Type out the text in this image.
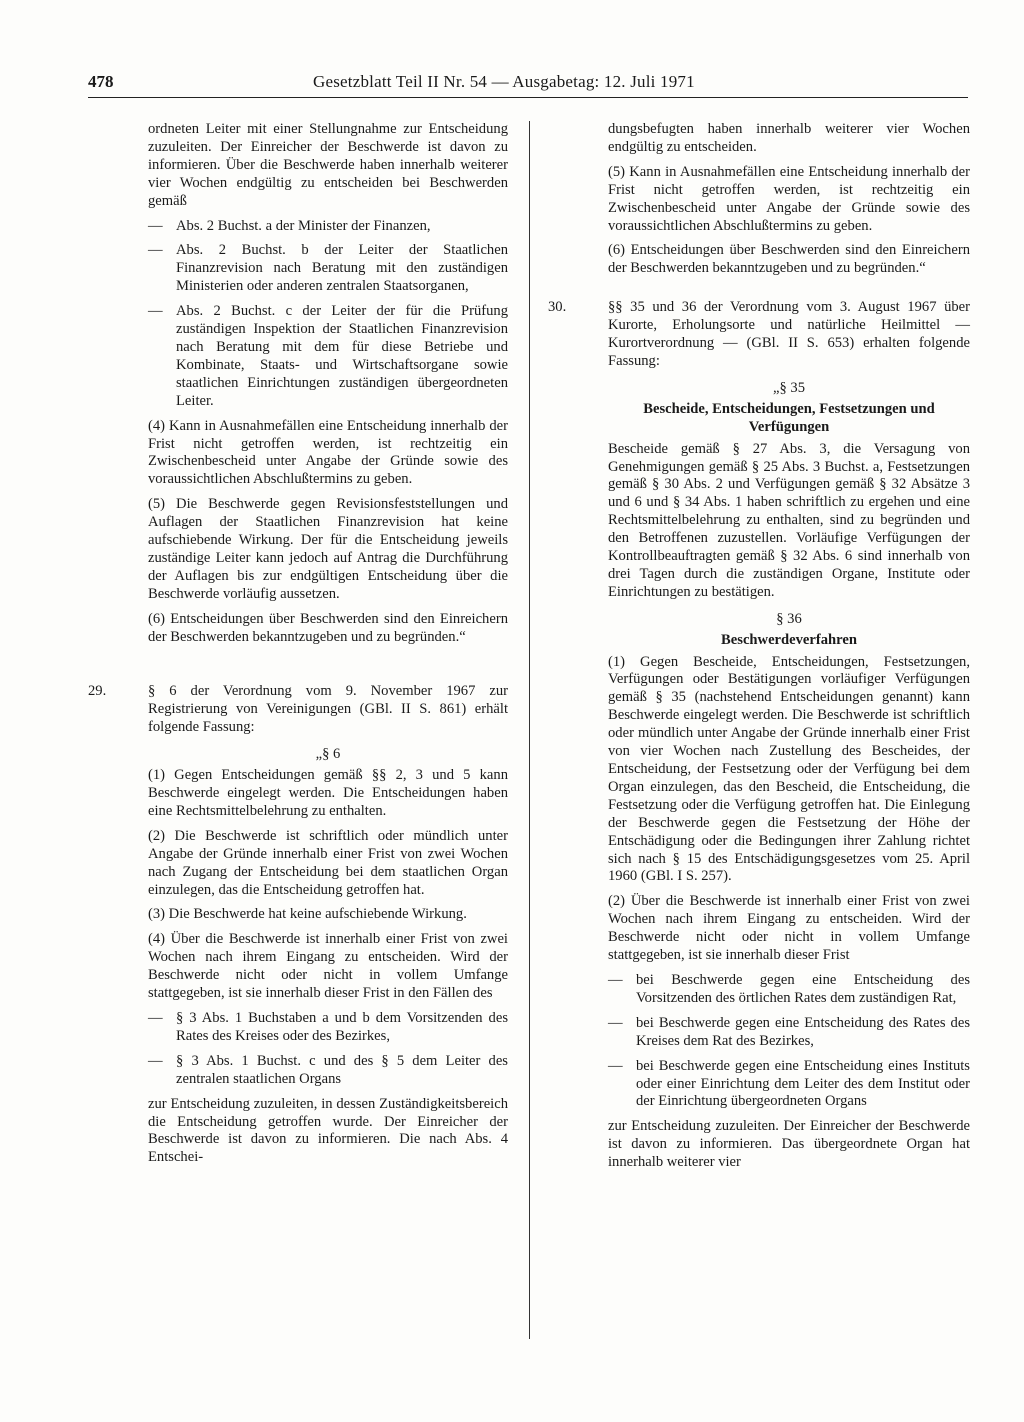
478	Gesetzblatt Teil II Nr. 54 — Ausgabetag: 12. Juli 1971

ordneten Leiter mit einer Stellungnahme zur Entscheidung zuzuleiten. Der Einreicher der Beschwerde ist davon zu informieren. Über die Beschwerde haben innerhalb weiterer vier Wochen endgültig zu entscheiden bei Beschwerden gemäß

— Abs. 2 Buchst. a der Minister der Finanzen,
— Abs. 2 Buchst. b der Leiter der Staatlichen Finanzrevision nach Beratung mit den zuständigen Ministerien oder anderen zentralen Staatsorganen,
— Abs. 2 Buchst. c der Leiter der für die Prüfung zuständigen Inspektion der Staatlichen Finanzrevision nach Beratung mit dem für diese Betriebe und Kombinate, Staats- und Wirtschaftsorgane sowie staatlichen Einrichtungen zuständigen übergeordneten Leiter.

(4) Kann in Ausnahmefällen eine Entscheidung innerhalb der Frist nicht getroffen werden, ist rechtzeitig ein Zwischenbescheid unter Angabe der Gründe sowie des voraussichtlichen Abschlußtermins zu geben.

(5) Die Beschwerde gegen Revisionsfeststellungen und Auflagen der Staatlichen Finanzrevision hat keine aufschiebende Wirkung. Der für die Entscheidung jeweils zuständige Leiter kann jedoch auf Antrag die Durchführung der Auflagen bis zur endgültigen Entscheidung über die Beschwerde vorläufig aussetzen.

(6) Entscheidungen über Beschwerden sind den Einreichern der Beschwerden bekanntzugeben und zu begründen.“

29.	§ 6 der Verordnung vom 9. November 1967 zur Registrierung von Vereinigungen (GBl. II S. 861) erhält folgende Fassung:
„§ 6

(1) Gegen Entscheidungen gemäß §§ 2, 3 und 5 kann Beschwerde eingelegt werden. Die Entscheidungen haben eine Rechtsmittelbelehrung zu enthalten.

(2) Die Beschwerde ist schriftlich oder mündlich unter Angabe der Gründe innerhalb einer Frist von zwei Wochen nach Zugang der Entscheidung bei dem staatlichen Organ einzulegen, das die Entscheidung getroffen hat.

(3) Die Beschwerde hat keine aufschiebende Wirkung.

(4) Über die Beschwerde ist innerhalb einer Frist von zwei Wochen nach ihrem Eingang zu entscheiden. Wird der Beschwerde nicht oder nicht in vollem Umfange stattgegeben, ist sie innerhalb dieser Frist in den Fällen des

— § 3 Abs. 1 Buchstaben a und b dem Vorsitzenden des Rates des Kreises oder des Bezirkes,
— § 3 Abs. 1 Buchst. c und des § 5 dem Leiter des zentralen staatlichen Organs

zur Entscheidung zuzuleiten, in dessen Zuständigkeitsbereich die Entscheidung getroffen wurde. Der Einreicher der Beschwerde ist davon zu informieren. Die nach Abs. 4 Entschei-

dungsbefugten haben innerhalb weiterer vier Wochen endgültig zu entscheiden.

(5) Kann in Ausnahmefällen eine Entscheidung innerhalb der Frist nicht getroffen werden, ist rechtzeitig ein Zwischenbescheid unter Angabe der Gründe sowie des voraussichtlichen Abschlußtermins zu geben.

(6) Entscheidungen über Beschwerden sind den Einreichern der Beschwerden bekanntzugeben und zu begründen.“

30.	§§ 35 und 36 der Verordnung vom 3. August 1967 über Kurorte, Erholungsorte und natürliche Heilmittel — Kurortverordnung — (GBl. II S. 653) erhalten folgende Fassung:
„§ 35
Bescheide, Entscheidungen, Festsetzungen und Verfügungen

Bescheide gemäß § 27 Abs. 3, die Versagung von Genehmigungen gemäß § 25 Abs. 3 Buchst. a, Festsetzungen gemäß § 30 Abs. 2 und Verfügungen gemäß § 32 Absätze 3 und 6 und § 34 Abs. 1 haben schriftlich zu ergehen und eine Rechtsmittelbelehrung zu enthalten, sind zu begründen und den Betroffenen zuzustellen. Vorläufige Verfügungen der Kontrollbeauftragten gemäß § 32 Abs. 6 sind innerhalb von drei Tagen durch die zuständigen Organe, Institute oder Einrichtungen zu bestätigen.

§ 36
Beschwerdeverfahren

(1) Gegen Bescheide, Entscheidungen, Festsetzungen, Verfügungen oder Bestätigungen vorläufiger Verfügungen gemäß § 35 (nachstehend Entscheidungen genannt) kann Beschwerde eingelegt werden. Die Beschwerde ist schriftlich oder mündlich unter Angabe der Gründe innerhalb einer Frist von vier Wochen nach Zustellung des Bescheides, der Entscheidung, der Festsetzung oder der Verfügung bei dem Organ einzulegen, das den Bescheid, die Entscheidung, die Festsetzung oder die Verfügung getroffen hat. Die Einlegung der Beschwerde gegen die Festsetzung der Höhe der Entschädigung oder die Bedingungen ihrer Zahlung richtet sich nach § 15 des Entschädigungsgesetzes vom 25. April 1960 (GBl. I S. 257).

(2) Über die Beschwerde ist innerhalb einer Frist von zwei Wochen nach ihrem Eingang zu entscheiden. Wird der Beschwerde nicht oder nicht in vollem Umfange stattgegeben, ist sie innerhalb dieser Frist

— bei Beschwerde gegen eine Entscheidung des Vorsitzenden des örtlichen Rates dem zuständigen Rat,
— bei Beschwerde gegen eine Entscheidung des Rates des Kreises dem Rat des Bezirkes,
— bei Beschwerde gegen eine Entscheidung eines Instituts oder einer Einrichtung dem Leiter des dem Institut oder der Einrichtung übergeordneten Organs

zur Entscheidung zuzuleiten. Der Einreicher der Beschwerde ist davon zu informieren. Das übergeordnete Organ hat innerhalb weiterer vier
